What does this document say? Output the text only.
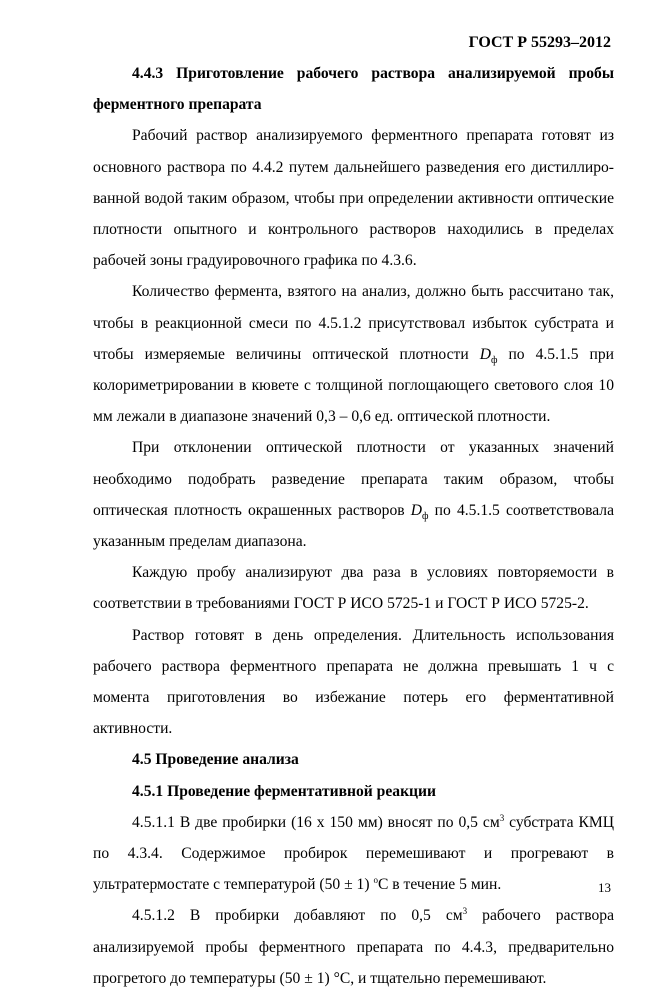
ГОСТ Р 55293–2012

4.4.3 Приготовление рабочего раствора анализируемой пробы ферментного препарата

Рабочий раствор анализируемого ферментного препарата готовят из основного раствора по 4.4.2 путем дальнейшего разведения его дистиллиро-ванной водой таким образом, чтобы при определении активности оптические плотности опытного и контрольного растворов находились в пределах рабочей зоны градуировочного графика по 4.3.6.

Количество фермента, взятого на анализ, должно быть рассчитано так, чтобы в реакционной смеси по 4.5.1.2 присутствовал избыток субстрата и чтобы измеряемые величины оптической плотности $D_ф$ по 4.5.1.5 при колориметрировании в кювете с толщиной поглощающего светового слоя 10 мм лежали в диапазоне значений 0,3 – 0,6 ед. оптической плотности.

При отклонении оптической плотности от указанных значений необходимо подобрать разведение препарата таким образом, чтобы оптическая плотность окрашенных растворов $D_ф$ по 4.5.1.5 соответствовала указанным пределам диапазона.

Каждую пробу анализируют два раза в условиях повторяемости в соответствии в требованиями ГОСТ Р ИСО 5725-1 и ГОСТ Р ИСО 5725-2.

Раствор готовят в день определения. Длительность использования рабочего раствора ферментного препарата не должна превышать 1 ч с момента приготовления во избежание потерь его ферментативной активности.

4.5 Проведение анализа

4.5.1 Проведение ферментативной реакции

4.5.1.1 В две пробирки (16 х 150 мм) вносят по 0,5 $см^3$ субстрата КМЦ по 4.3.4. Содержимое пробирок перемешивают и прогревают в ультратермостате с температурой (50 ± 1) $^о$С в течение 5 мин.

4.5.1.2 В пробирки добавляют по 0,5 $см^3$ рабочего раствора анализируемой пробы ферментного препарата по 4.4.3, предварительно прогретого до температуры (50 ± 1) °С, и тщательно перемешивают.

13
